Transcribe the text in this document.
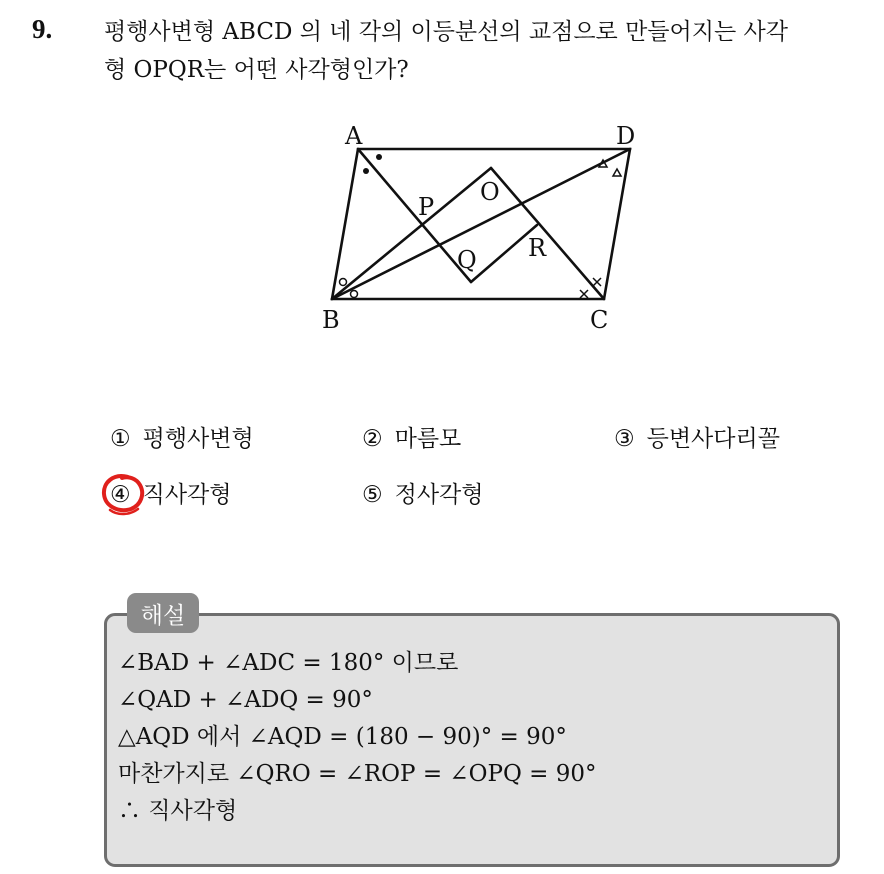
9. 평행사변형 ABCD 의 네 각의 이등분선의 교점으로 만들어지는 사각
형 OPQR는 어떤 사각형인가?
A	D
B	C
O
P
Q R
① 평행사변형	② 마름모	③ 등변사다리꼴
④ 직사각형	⑤ 정사각형
해설
∠BAD + ∠ADC = 180° 이므로
∠QAD + ∠ADQ = 90°
△AQD 에서 ∠AQD = (180 − 90)° = 90°
마찬가지로 ∠QRO = ∠ROP = ∠OPQ = 90°
∴ 직사각형
